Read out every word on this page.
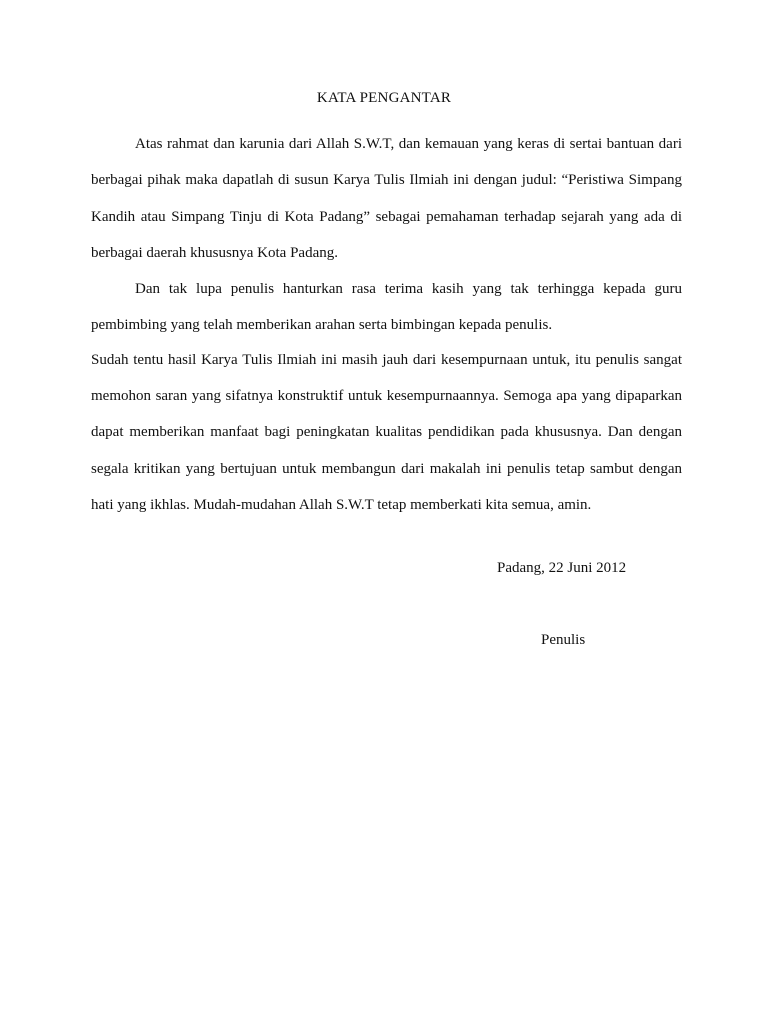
KATA PENGANTAR
Atas rahmat dan karunia dari Allah S.W.T, dan kemauan yang keras di sertai bantuan dari
berbagai pihak maka dapatlah di susun Karya Tulis Ilmiah ini dengan judul: “Peristiwa Simpang
Kandih atau Simpang Tinju di Kota Padang” sebagai pemahaman terhadap sejarah yang ada di
berbagai daerah khususnya Kota Padang.
Dan tak lupa penulis hanturkan rasa terima kasih yang tak terhingga kepada guru
pembimbing yang telah memberikan arahan serta bimbingan kepada penulis.
Sudah tentu hasil Karya Tulis Ilmiah ini masih jauh dari kesempurnaan untuk, itu penulis sangat
memohon saran yang sifatnya konstruktif untuk kesempurnaannya. Semoga apa yang dipaparkan
dapat memberikan manfaat bagi peningkatan kualitas pendidikan pada khususnya. Dan dengan
segala kritikan yang bertujuan untuk membangun dari makalah ini penulis tetap sambut dengan
hati yang ikhlas. Mudah-mudahan Allah S.W.T tetap memberkati kita semua, amin.
Padang, 22 Juni 2012
Penulis
